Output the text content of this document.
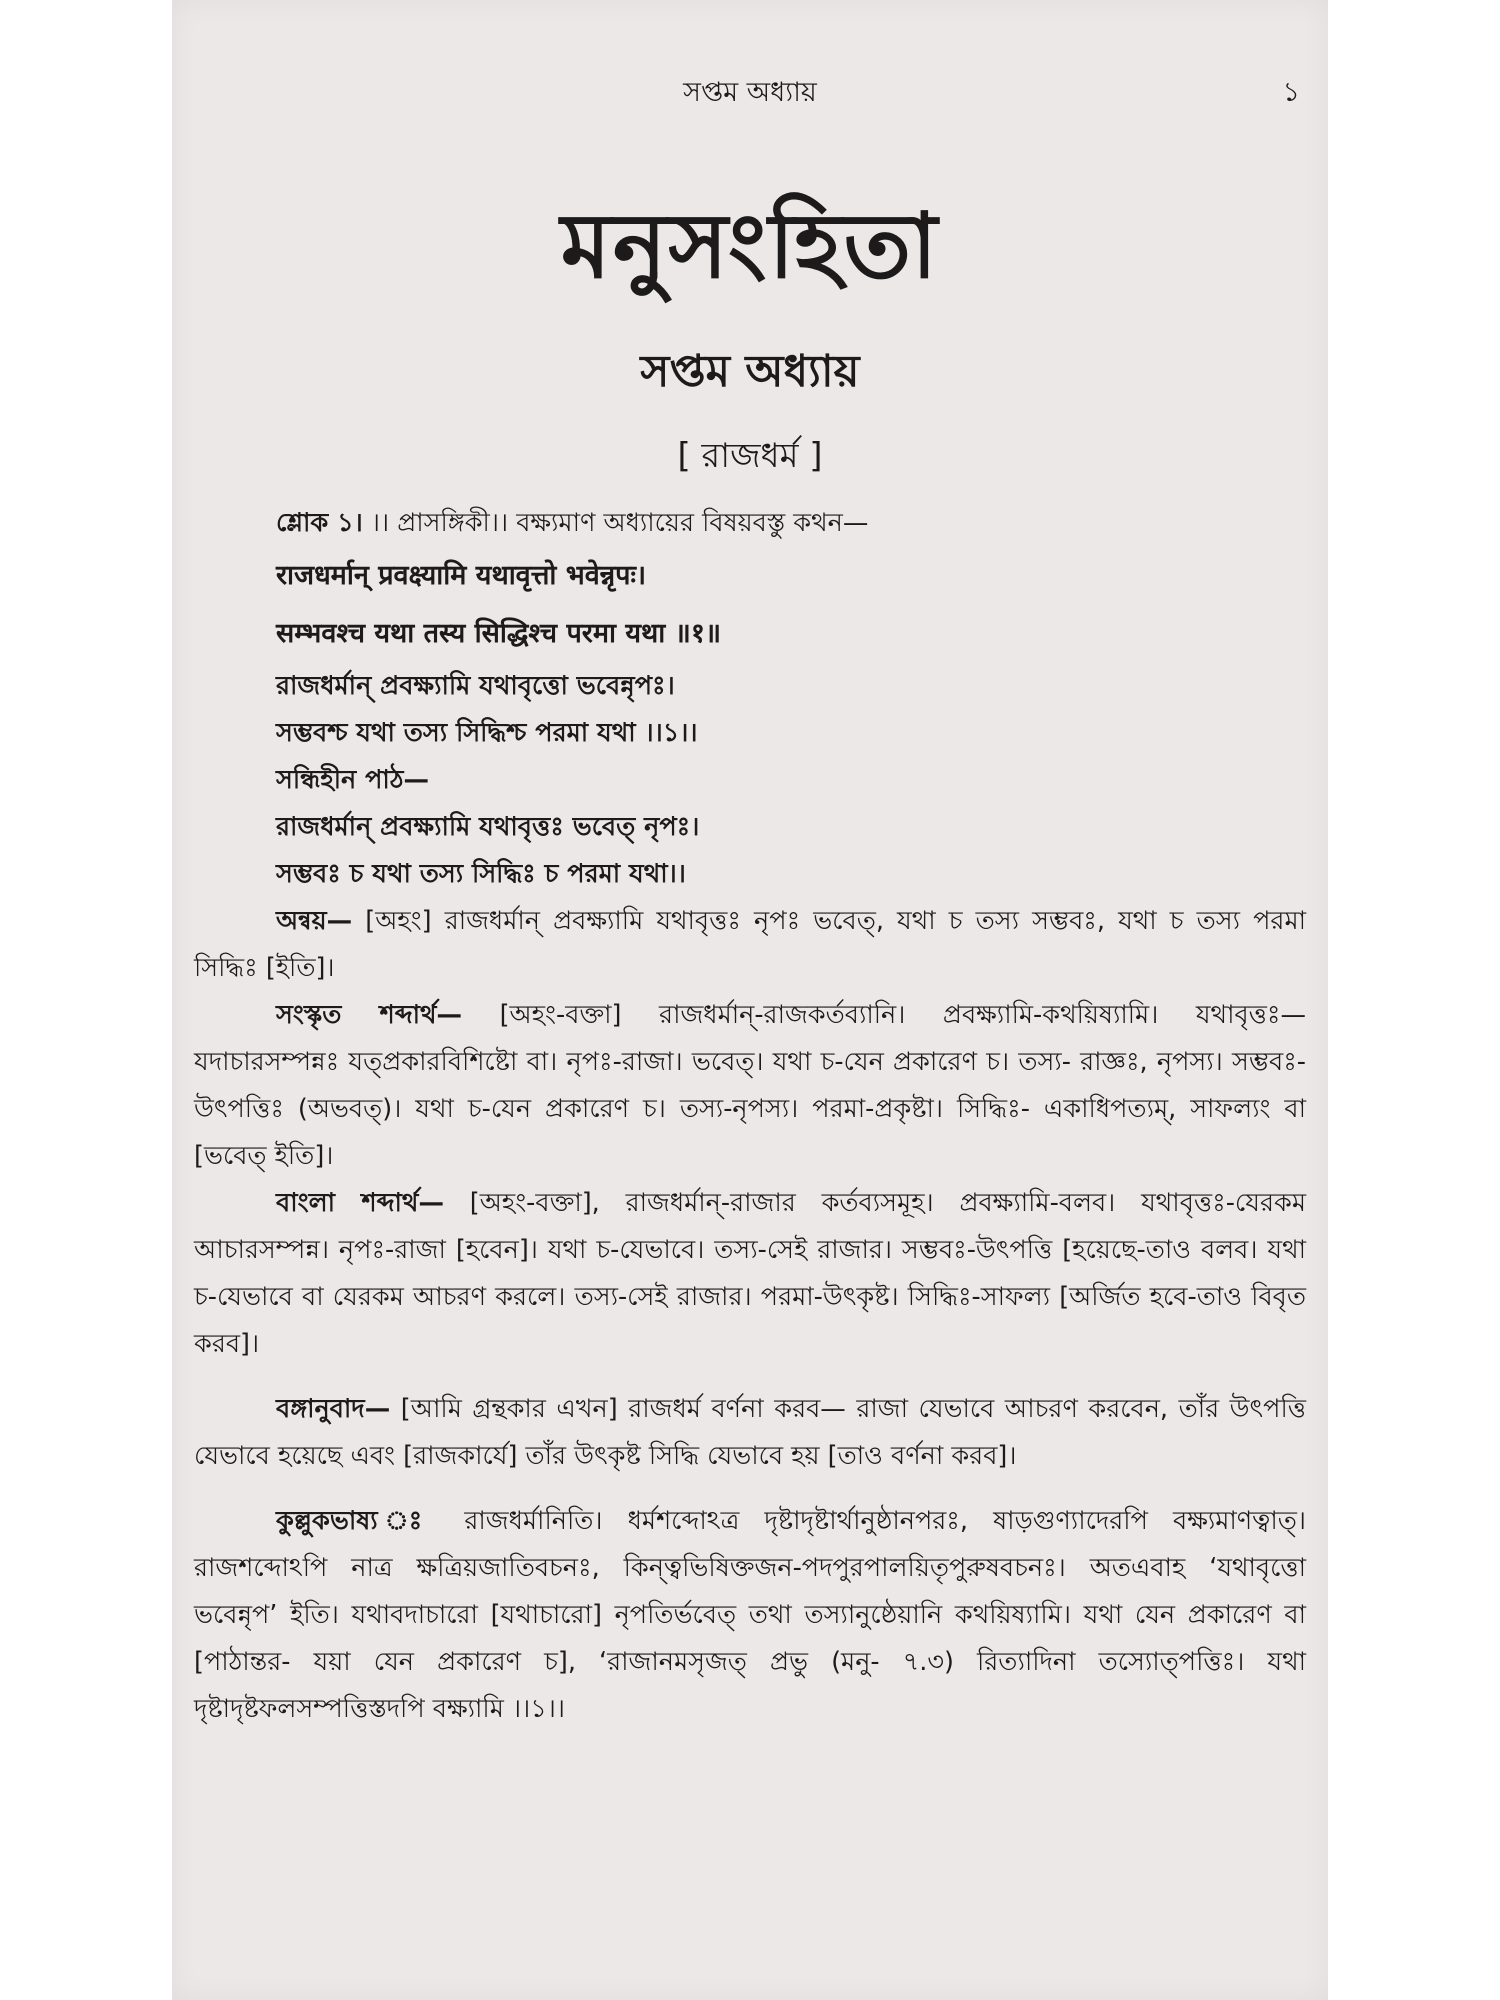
সপ্তম অধ্যায়	১
মনুসংহিতা
সপ্তম অধ্যায়
[ রাজধর্ম ]

শ্লোক ১। ।। প্রাসঙ্গিকী।। বক্ষ্যমাণ অধ্যায়ের বিষয়বস্তু কথন—

राजधर्मान् प्रवक्ष्यामि यथावृत्तो भवेन्नृपः।

सम्भवश्च यथा तस्य सिद्धिश्च परमा यथा ॥१॥

রাজধর্মান্ প্রবক্ষ্যামি যথাবৃত্তো ভবেন্নৃপঃ।

সম্ভবশ্চ যথা তস্য সিদ্ধিশ্চ পরমা যথা ।।১।।

সন্ধিহীন পাঠ—

রাজধর্মান্ প্রবক্ষ্যামি যথাবৃত্তঃ ভবেত্ নৃপঃ।

সম্ভবঃ চ যথা তস্য সিদ্ধিঃ চ পরমা যথা।।

অন্বয়— [অহং] রাজধর্মান্ প্রবক্ষ্যামি যথাবৃত্তঃ নৃপঃ ভবেত্, যথা চ তস্য সম্ভবঃ, যথা চ তস্য পরমা সিদ্ধিঃ [ইতি]।

সংস্কৃত শব্দার্থ— [অহং-বক্তা] রাজধর্মান্-রাজকর্তব্যানি। প্রবক্ষ্যামি-কথয়িষ্যামি। যথাবৃত্তঃ— যদাচারসম্পন্নঃ যত্প্রকারবিশিষ্টো বা। নৃপঃ-রাজা। ভবেত্। যথা চ-যেন প্রকারেণ চ। তস্য- রাজ্ঞঃ, নৃপস্য। সম্ভবঃ- উৎপত্তিঃ (অভবত্)। যথা চ-যেন প্রকারেণ চ। তস্য-নৃপস্য। পরমা-প্রকৃষ্টা। সিদ্ধিঃ- একাধিপত্যম্, সাফল্যং বা [ভবেত্ ইতি]।

বাংলা শব্দার্থ— [অহং-বক্তা], রাজধর্মান্-রাজার কর্তব্যসমূহ। প্রবক্ষ্যামি-বলব। যথাবৃত্তঃ-যেরকম আচারসম্পন্ন। নৃপঃ-রাজা [হবেন]। যথা চ-যেভাবে। তস্য-সেই রাজার। সম্ভবঃ-উৎপত্তি [হয়েছে-তাও বলব। যথা চ-যেভাবে বা যেরকম আচরণ করলে। তস্য-সেই রাজার। পরমা-উৎকৃষ্ট। সিদ্ধিঃ-সাফল্য [অর্জিত হবে-তাও বিবৃত করব]।

বঙ্গানুবাদ— [আমি গ্রন্থকার এখন] রাজধর্ম বর্ণনা করব— রাজা যেভাবে আচরণ করবেন, তাঁর উৎপত্তি যেভাবে হয়েছে এবং [রাজকার্যে] তাঁর উৎকৃষ্ট সিদ্ধি যেভাবে হয় [তাও বর্ণনা করব]।

কুল্লুকভাষ্য ঃ রাজধর্মানিতি। ধর্মশব্দোঽত্র দৃষ্টাদৃষ্টার্থানুষ্ঠানপরঃ, ষাড়গুণ্যাদেরপি বক্ষ্যমাণত্বাত্। রাজশব্দোঽপি নাত্র ক্ষত্রিয়জাতিবচনঃ, কিন্ত্বভিষিক্তজন-পদপুরপালয়িতৃপুরুষবচনঃ। অতএবাহ ‘যথাবৃত্তো ভবেন্নৃপ’ ইতি। যথাবদাচারো [যথাচারো] নৃপতির্ভবেত্ তথা তস্যানুষ্ঠেয়ানি কথয়িষ্যামি। যথা যেন প্রকারেণ বা [পাঠান্তর- যয়া যেন প্রকারেণ চ], ‘রাজানমসৃজত্ প্রভু (মনু- ৭.৩) রিত্যাদিনা তস্যোত্পত্তিঃ। যথা দৃষ্টাদৃষ্টফলসম্পত্তিস্তদপি বক্ষ্যামি ।।১।।
